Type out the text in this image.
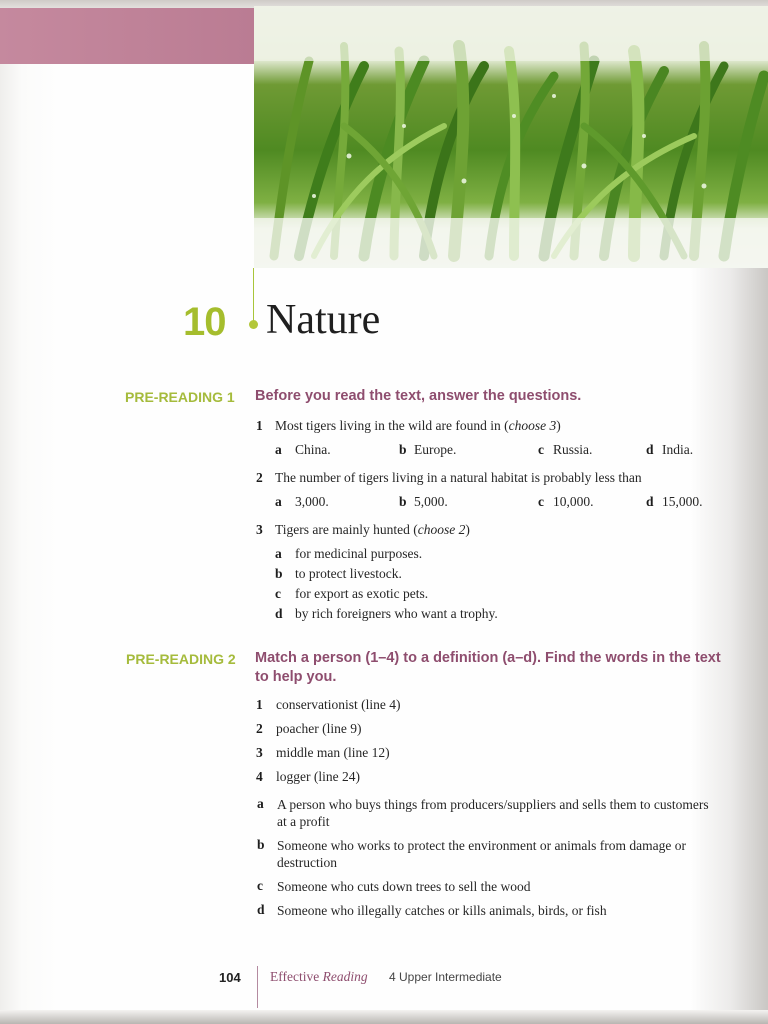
10 Nature
PRE-READING 1 Before you read the text, answer the questions.
1 Most tigers living in the wild are found in (choose 3)
a China.	b Europe.	c Russia.	d India.
2 The number of tigers living in a natural habitat is probably less than
a 3,000.	b 5,000.	c 10,000.	d 15,000.
3 Tigers are mainly hunted (choose 2)
a for medicinal purposes.
b to protect livestock.
c for export as exotic pets.
d by rich foreigners who want a trophy.
PRE-READING 2 Match a person (1–4) to a definition (a–d). Find the words in the text to help you.
1 conservationist (line 4)
2 poacher (line 9)
3 middle man (line 12)
4 logger (line 24)
a A person who buys things from producers/suppliers and sells them to customers at a profit
b Someone who works to protect the environment or animals from damage or destruction
c Someone who cuts down trees to sell the wood
d Someone who illegally catches or kills animals, birds, or fish
104 Effective Reading 4 Upper Intermediate
